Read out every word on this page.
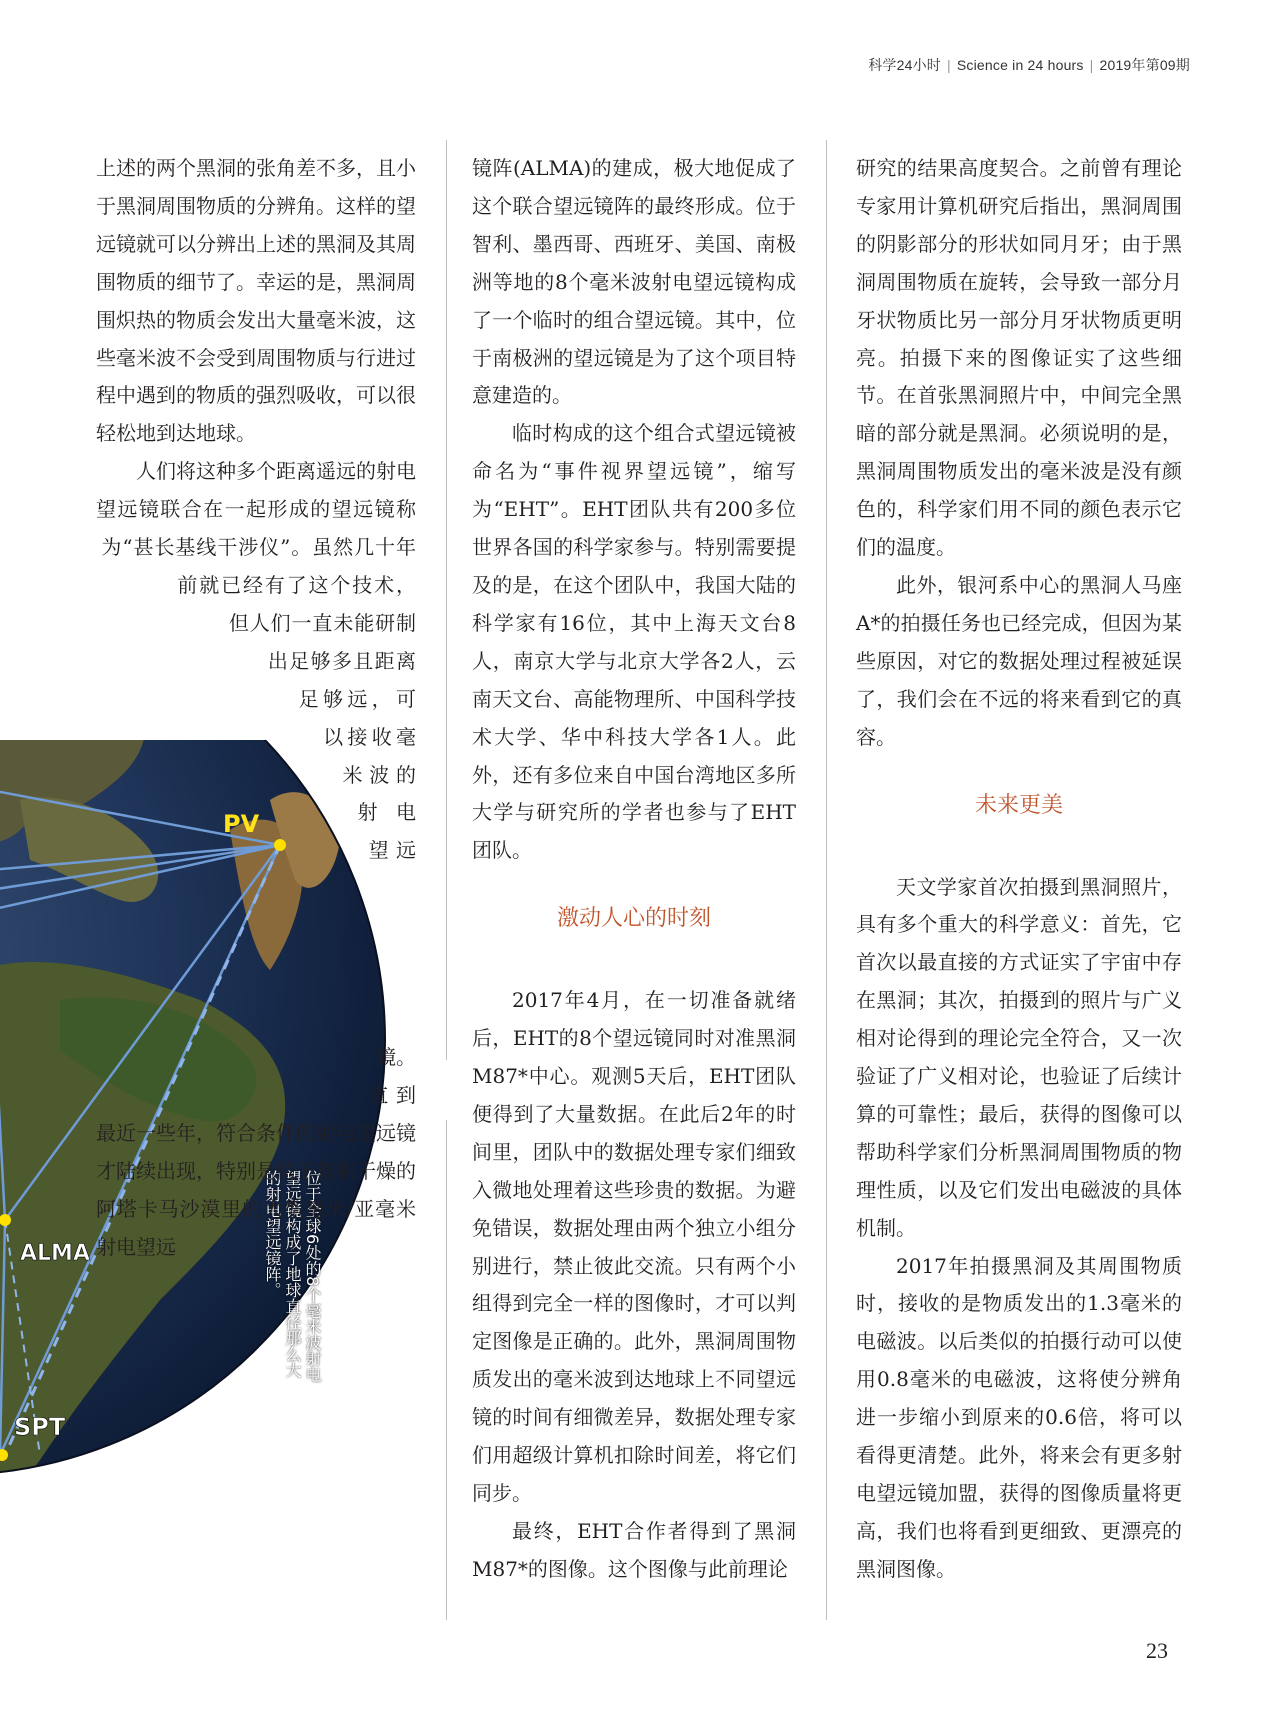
科学24小时 | Science in 24 hours | 2019年第09期
PV
ALMA
SPT
位于全球6处的8个毫米波射电望远镜构成了地球直径那么大的射电望远镜阵。

上述的两个黑洞的张角差不多，且小于黑洞周围物质的分辨角。这样的望远镜就可以分辨出上述的黑洞及其周围物质的细节了。幸运的是，黑洞周围炽热的物质会发出大量毫米波，这些毫米波不会受到周围物质与行进过程中遇到的物质的强烈吸收，可以很轻松地到达地球。

人们将这种多个距离遥远的射电望远镜联合在一起形成的望远镜称为“甚长基线干涉仪”。虽然几十年前就已经有了这个技术，但人们一直未能研制出足够多且距离足够远，可以接收毫米波的射电望远镜。直到最近一些年，符合条件的射电望远镜才陆续出现，特别是位于智利干燥的阿塔卡马沙漠里的大型毫米/亚毫米射电望远

镜阵(ALMA)的建成，极大地促成了这个联合望远镜阵的最终形成。位于智利、墨西哥、西班牙、美国、南极洲等地的8个毫米波射电望远镜构成了一个临时的组合望远镜。其中，位于南极洲的望远镜是为了这个项目特意建造的。

临时构成的这个组合式望远镜被命名为“事件视界望远镜”，缩写为“EHT”。EHT团队共有200多位世界各国的科学家参与。特别需要提及的是，在这个团队中，我国大陆的科学家有16位，其中上海天文台8人，南京大学与北京大学各2人，云南天文台、高能物理所、中国科学技术大学、华中科技大学各1人。此外，还有多位来自中国台湾地区多所大学与研究所的学者也参与了EHT团队。

激动人心的时刻

2017年4月，在一切准备就绪后，EHT的8个望远镜同时对准黑洞M87*中心。观测5天后，EHT团队便得到了大量数据。在此后2年的时间里，团队中的数据处理专家们细致入微地处理着这些珍贵的数据。为避免错误，数据处理由两个独立小组分别进行，禁止彼此交流。只有两个小组得到完全一样的图像时，才可以判定图像是正确的。此外，黑洞周围物质发出的毫米波到达地球上不同望远镜的时间有细微差异，数据处理专家们用超级计算机扣除时间差，将它们同步。

最终，EHT合作者得到了黑洞M87*的图像。这个图像与此前理论

研究的结果高度契合。之前曾有理论专家用计算机研究后指出，黑洞周围的阴影部分的形状如同月牙；由于黑洞周围物质在旋转，会导致一部分月牙状物质比另一部分月牙状物质更明亮。拍摄下来的图像证实了这些细节。在首张黑洞照片中，中间完全黑暗的部分就是黑洞。必须说明的是，黑洞周围物质发出的毫米波是没有颜色的，科学家们用不同的颜色表示它们的温度。

此外，银河系中心的黑洞人马座A*的拍摄任务也已经完成，但因为某些原因，对它的数据处理过程被延误了，我们会在不远的将来看到它的真容。

未来更美

天文学家首次拍摄到黑洞照片，具有多个重大的科学意义：首先，它首次以最直接的方式证实了宇宙中存在黑洞；其次，拍摄到的照片与广义相对论得到的理论完全符合，又一次验证了广义相对论，也验证了后续计算的可靠性；最后，获得的图像可以帮助科学家们分析黑洞周围物质的物理性质，以及它们发出电磁波的具体机制。

2017年拍摄黑洞及其周围物质时，接收的是物质发出的1.3毫米的电磁波。以后类似的拍摄行动可以使用0.8毫米的电磁波，这将使分辨角进一步缩小到原来的0.6倍，将可以看得更清楚。此外，将来会有更多射电望远镜加盟，获得的图像质量将更高，我们也将看到更细致、更漂亮的黑洞图像。

23
